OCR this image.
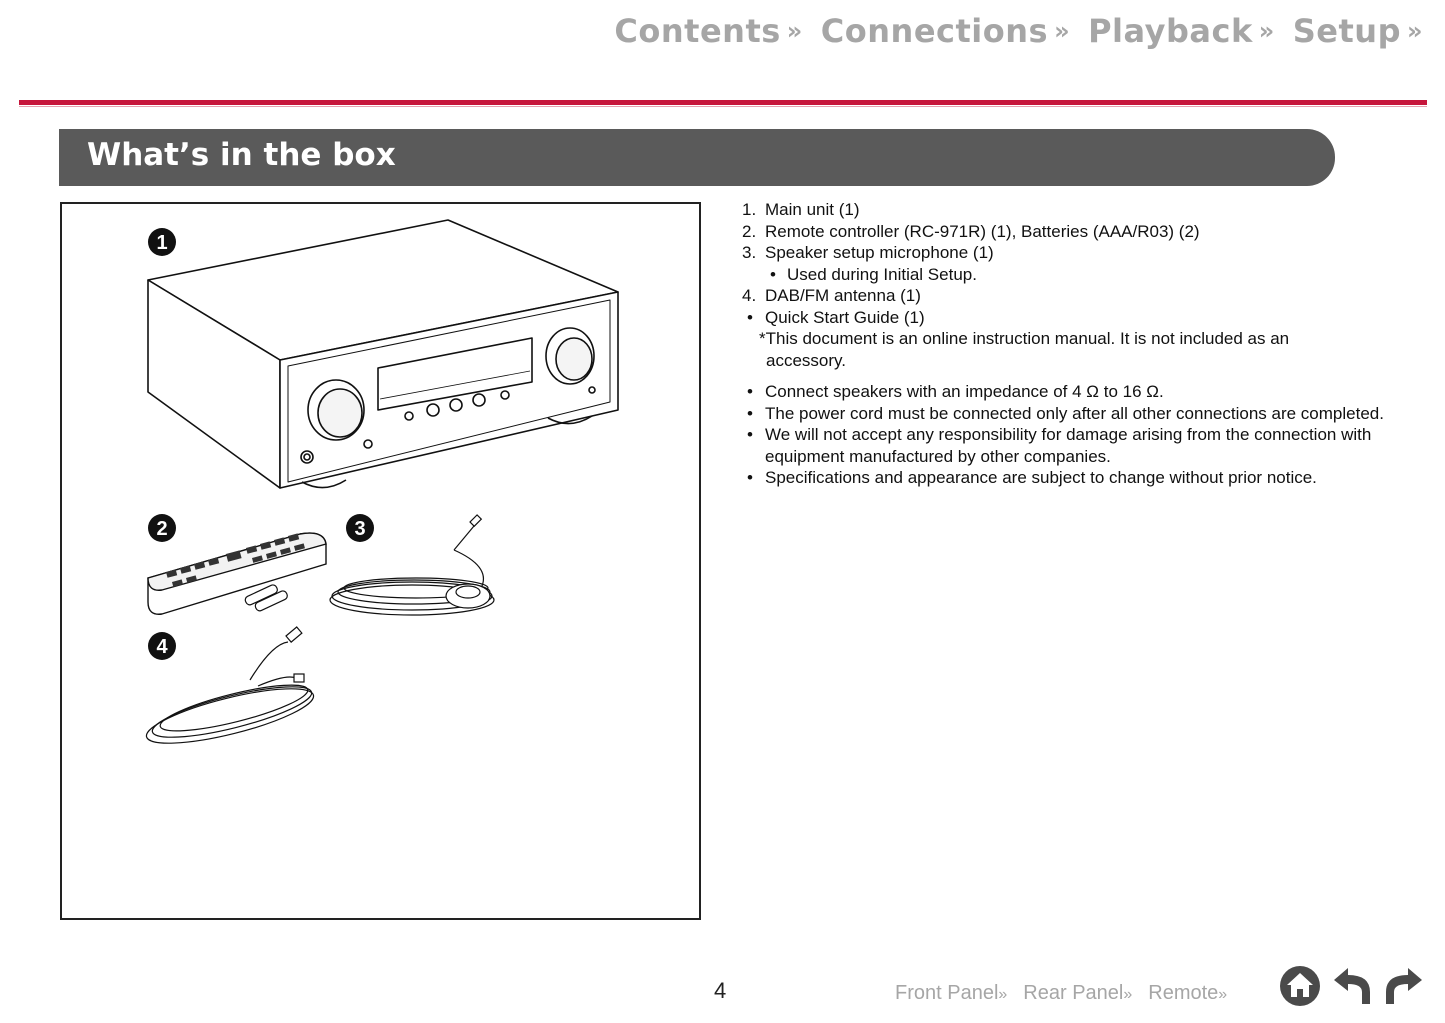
Contents » Connections » Playback » Setup »
What’s in the box
1
2	3
4
1. Main unit (1)
2. Remote controller (RC-971R) (1), Batteries (AAA/R03) (2)
3. Speaker setup microphone (1)
• Used during Initial Setup.
4. DAB/FM antenna (1)
• Quick Start Guide (1)
*This document is an online instruction manual. It is not included as an
accessory.
• Connect speakers with an impedance of 4 Ω to 16 Ω.
• The power cord must be connected only after all other connections are completed.
• We will not accept any responsibility for damage arising from the connection with equipment manufactured by other companies.
• Specifications and appearance are subject to change without prior notice.
4	Front Panel» Rear Panel» Remote»
